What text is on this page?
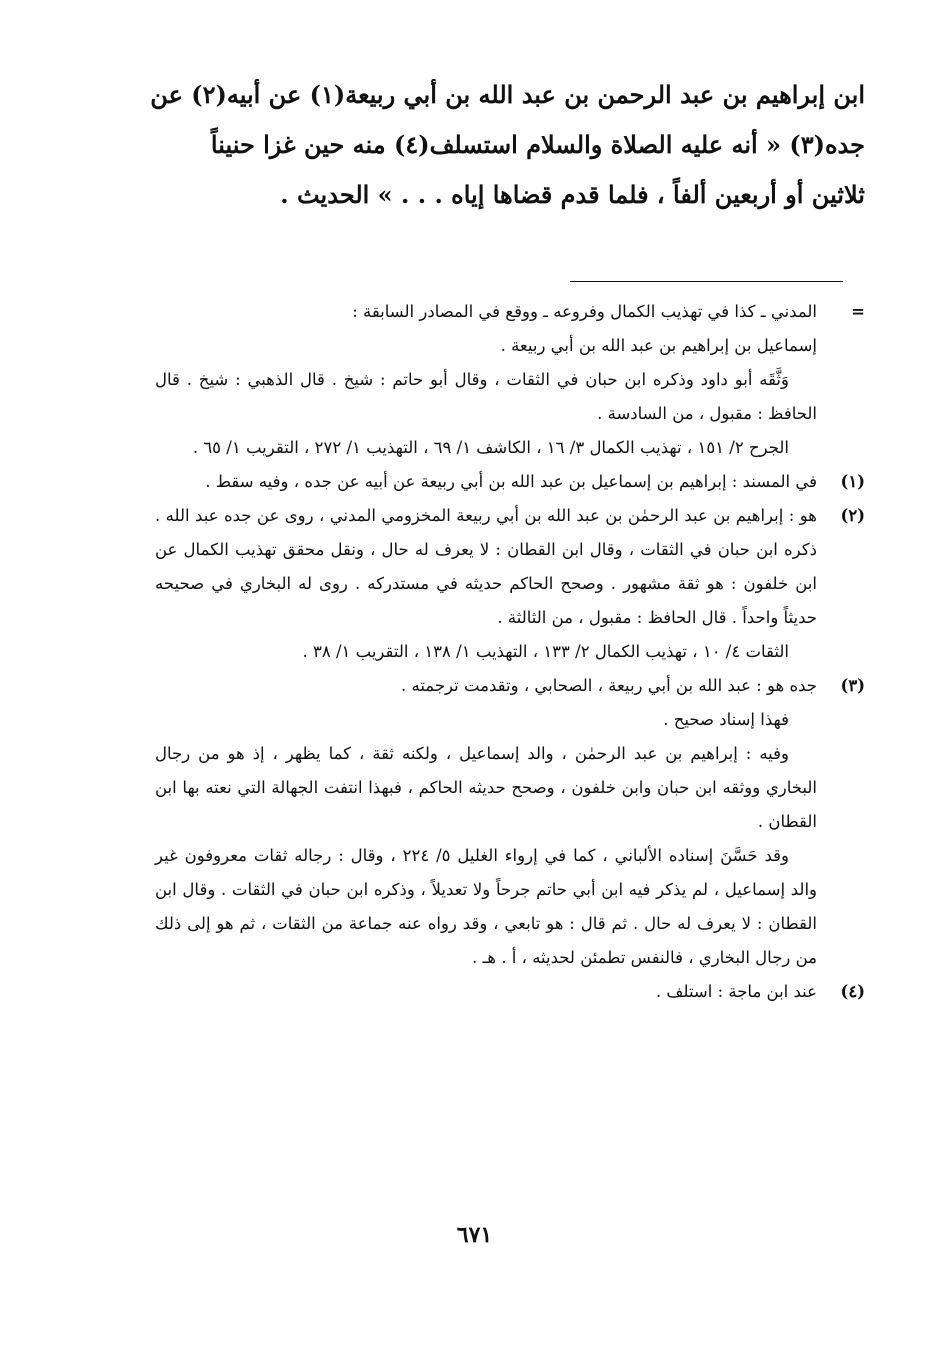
ابن إبراهيم بن عبد الرحمن بن عبد الله بن أبي ربيعة(١) عن أبيه(٢) عن

جده(٣) « أنه عليه الصلاة والسلام استسلف(٤) منه حين غزا حنيناً

ثلاثين أو أربعين ألفاً ، فلما قدم قضاها إياه . . . » الحديث .

=

المدني ـ كذا في تهذيب الكمال وفروعه ـ ووقع في المصادر السابقة :

إسماعيل بن إبراهيم بن عبد الله بن أبي ربيعة .

وَثَّقَه أبو داود وذكره ابن حبان في الثقات ، وقال أبو حاتم : شيخ . قال الذهبي : شيخ . قال الحافظ : مقبول ، من السادسة .

الجرح ٢/ ١٥١ ، تهذيب الكمال ٣/ ١٦ ، الكاشف ١/ ٦٩ ، التهذيب ١/ ٢٧٢ ، التقريب ١/ ٦٥ .

(١)

في المسند : إبراهيم بن إسماعيل بن عبد الله بن أبي ربيعة عن أبيه عن جده ، وفيه سقط .

(٢)

هو : إبراهيم بن عبد الرحمٰن بن عبد الله بن أبي ربيعة المخزومي المدني ، روى عن جده عبد الله . ذكره ابن حبان في الثقات ، وقال ابن القطان : لا يعرف له حال ، ونقل محقق تهذيب الكمال عن ابن خلفون : هو ثقة مشهور . وصحح الحاكم حديثه في مستدركه . روى له البخاري في صحيحه حديثاً واحداً . قال الحافظ : مقبول ، من الثالثة .

الثقات ٤/ ١٠ ، تهذيب الكمال ٢/ ١٣٣ ، التهذيب ١/ ١٣٨ ، التقريب ١/ ٣٨ .

(٣)

جده هو : عبد الله بن أبي ربيعة ، الصحابي ، وتقدمت ترجمته .

فهذا إسناد صحيح .

وفيه : إبراهيم بن عبد الرحمٰن ، والد إسماعيل ، ولكنه ثقة ، كما يظهر ، إذ هو من رجال البخاري ووثقه ابن حبان وابن خلفون ، وصحح حديثه الحاكم ، فبهذا انتفت الجهالة التي نعته بها ابن القطان .

وقد حَسَّنَ إسناده الألباني ، كما في إرواء الغليل ٥/ ٢٢٤ ، وقال : رجاله ثقات معروفون غير والد إسماعيل ، لم يذكر فيه ابن أبي حاتم جرحاً ولا تعديلاً ، وذكره ابن حبان في الثقات . وقال ابن القطان : لا يعرف له حال . ثم قال : هو تابعي ، وقد رواه عنه جماعة من الثقات ، ثم هو إلى ذلك من رجال البخاري ، فالنفس تطمئن لحديثه ، أ . هـ .

(٤)

عند ابن ماجة : استلف .

٦٧١
